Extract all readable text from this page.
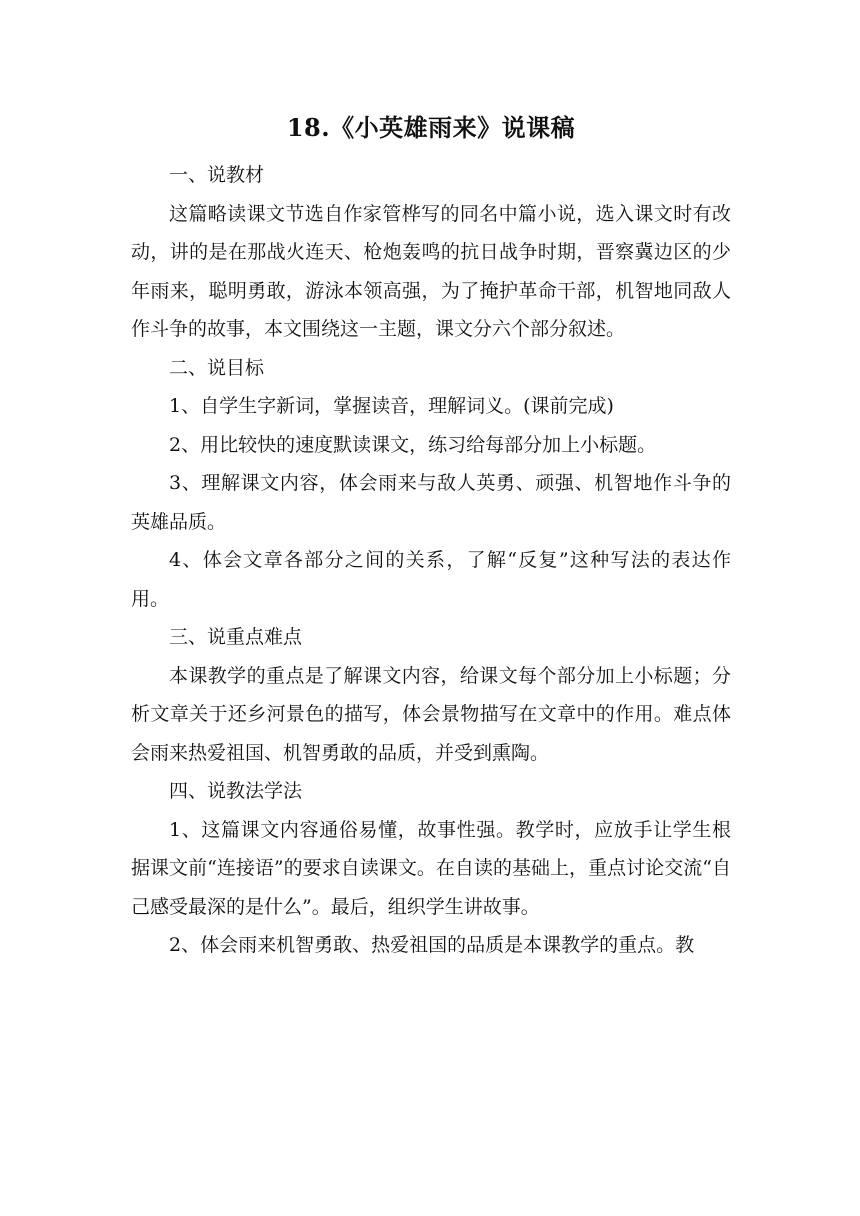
18.《小英雄雨来》说课稿

一、说教材

这篇略读课文节选自作家管桦写的同名中篇小说，选入课文时有改动，讲的是在那战火连天、枪炮轰鸣的抗日战争时期，晋察冀边区的少年雨来，聪明勇敢，游泳本领高强，为了掩护革命干部，机智地同敌人作斗争的故事，本文围绕这一主题，课文分六个部分叙述。

二、说目标

1、自学生字新词，掌握读音，理解词义。(课前完成)

2、用比较快的速度默读课文，练习给每部分加上小标题。

3、理解课文内容，体会雨来与敌人英勇、顽强、机智地作斗争的英雄品质。

4、体会文章各部分之间的关系，了解“反复”这种写法的表达作用。

三、说重点难点

本课教学的重点是了解课文内容，给课文每个部分加上小标题；分析文章关于还乡河景色的描写，体会景物描写在文章中的作用。难点体会雨来热爱祖国、机智勇敢的品质，并受到熏陶。

四、说教法学法

1、这篇课文内容通俗易懂，故事性强。教学时，应放手让学生根据课文前“连接语”的要求自读课文。在自读的基础上，重点讨论交流“自己感受最深的是什么”。最后，组织学生讲故事。

2、体会雨来机智勇敢、热爱祖国的品质是本课教学的重点。教
